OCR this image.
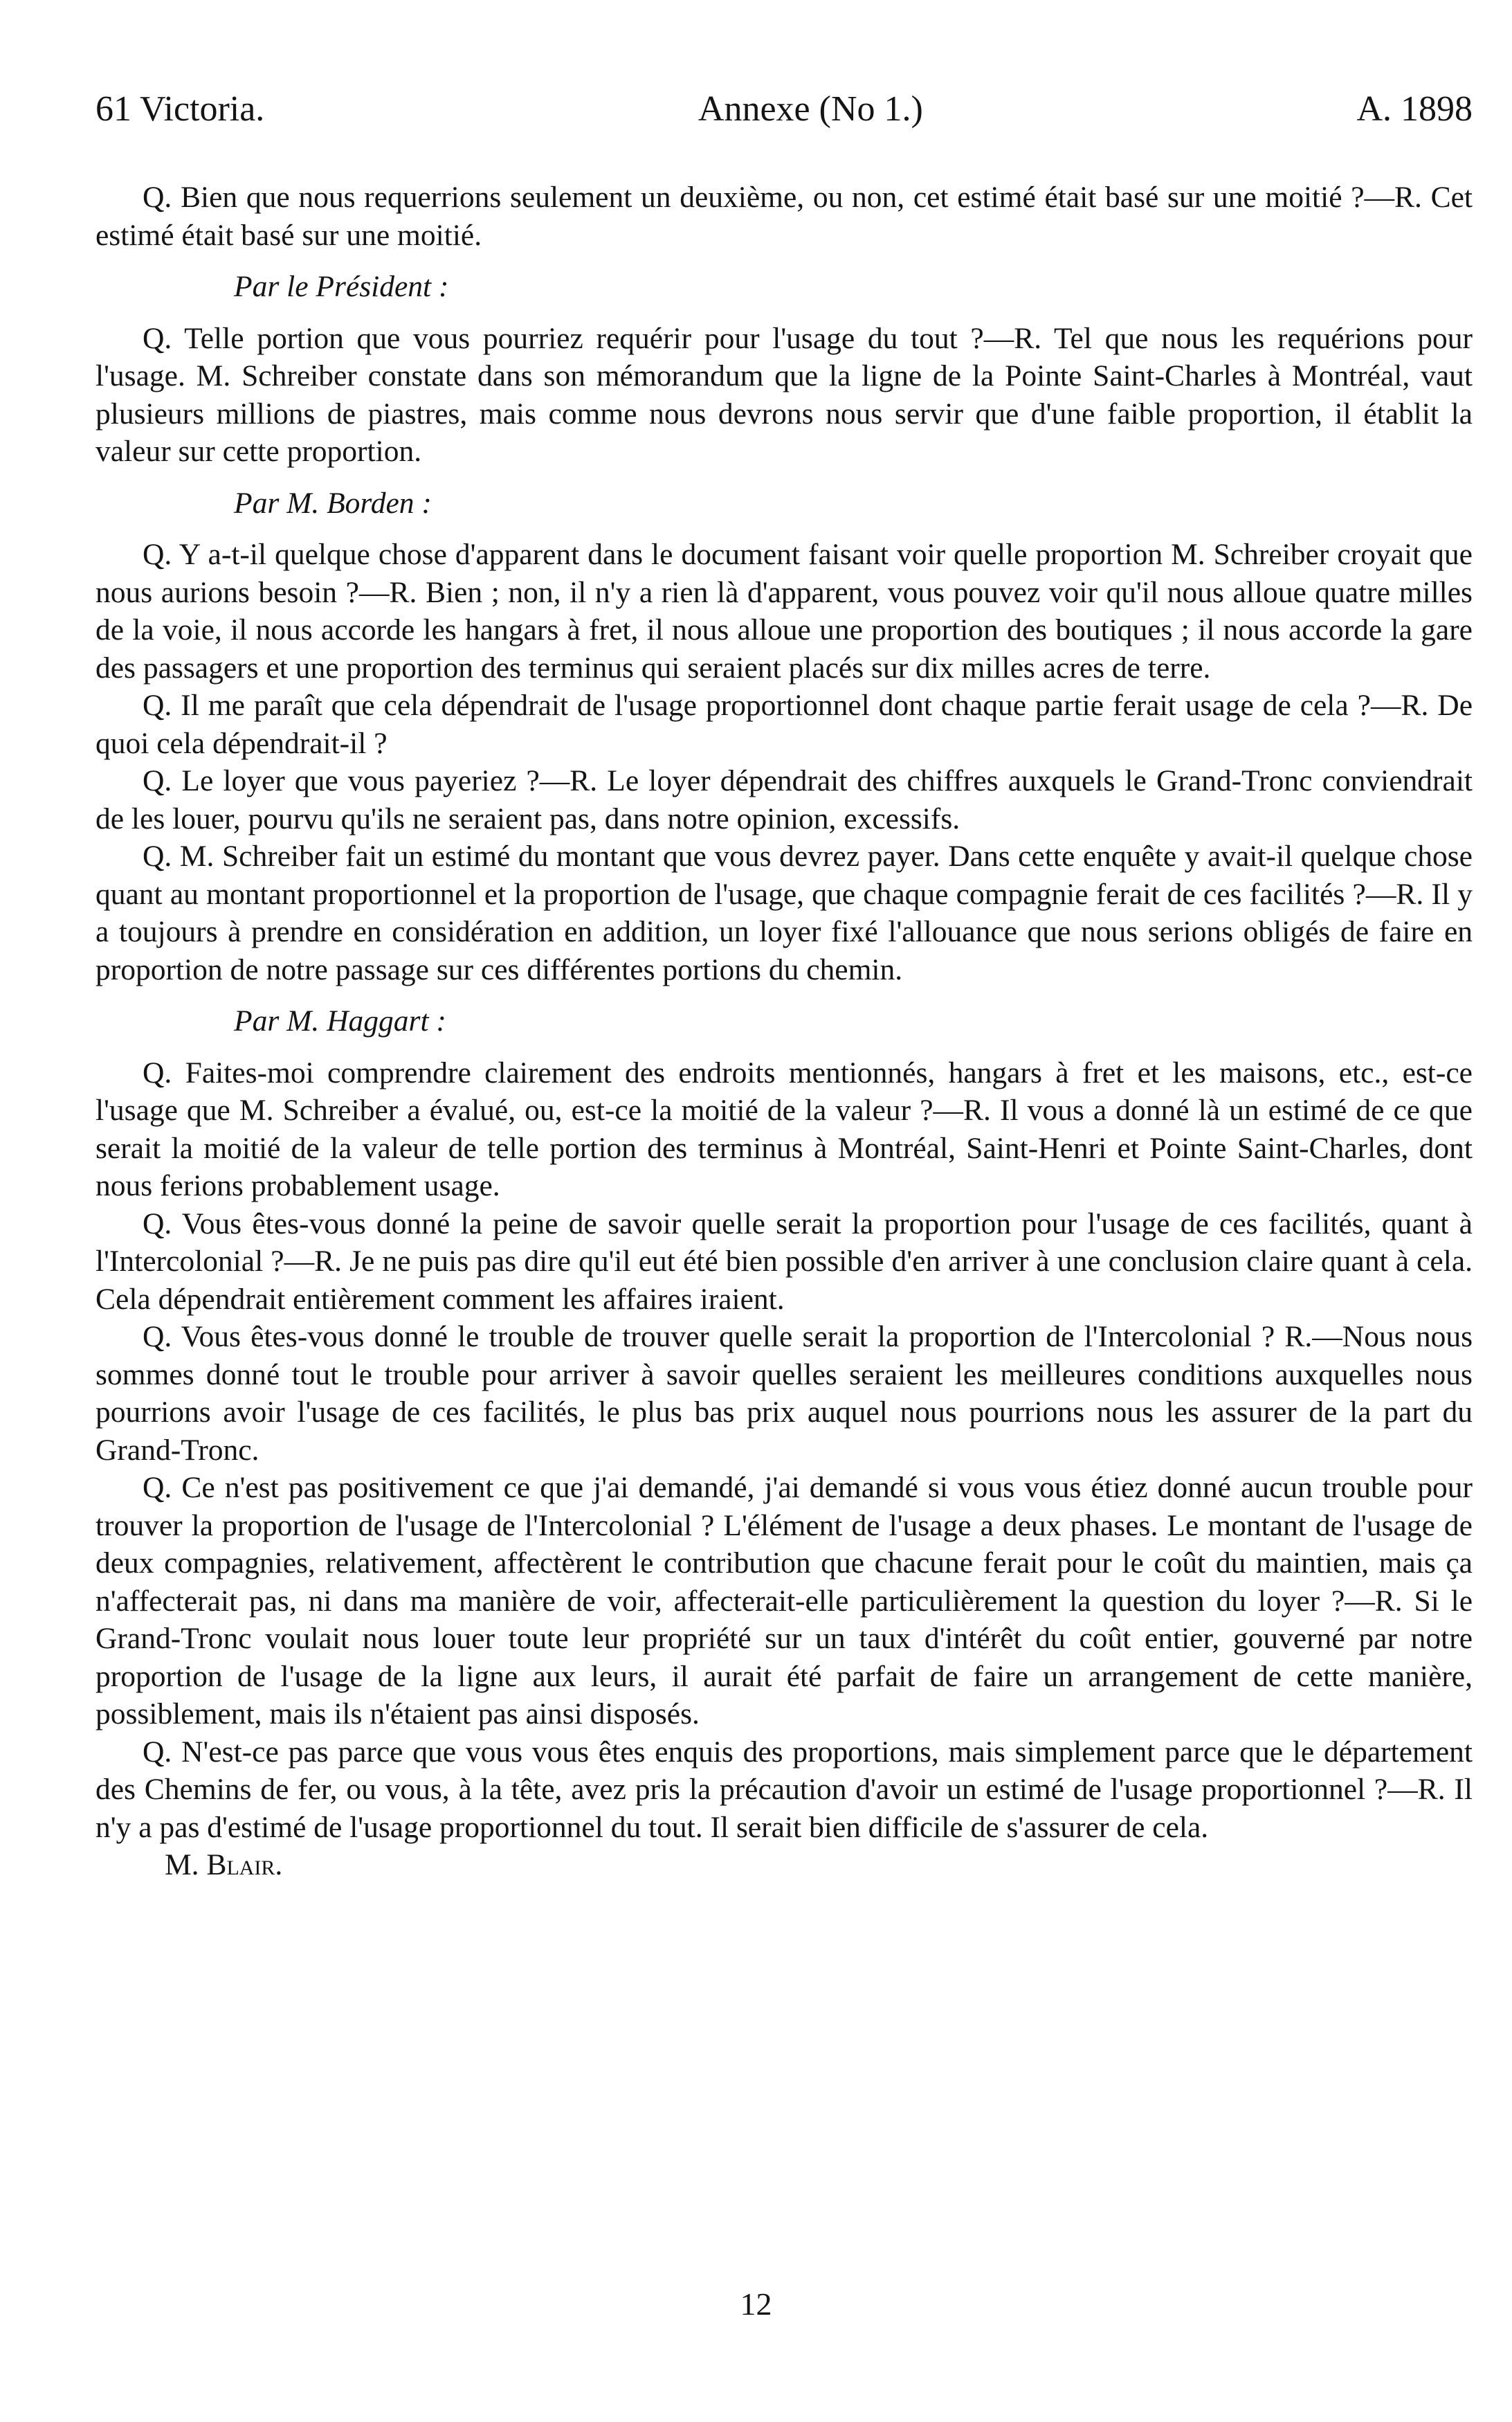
61 Victoria.	Annexe (No 1.)	A. 1898

Q. Bien que nous requerrions seulement un deuxième, ou non, cet estimé était basé sur une moitié ?—R. Cet estimé était basé sur une moitié.

Par le Président :

Q. Telle portion que vous pourriez requérir pour l'usage du tout ?—R. Tel que nous les requérions pour l'usage. M. Schreiber constate dans son mémorandum que la ligne de la Pointe Saint-Charles à Montréal, vaut plusieurs millions de piastres, mais comme nous devrons nous servir que d'une faible proportion, il établit la valeur sur cette proportion.

Par M. Borden :

Q. Y a-t-il quelque chose d'apparent dans le document faisant voir quelle proportion M. Schreiber croyait que nous aurions besoin ?—R. Bien ; non, il n'y a rien là d'apparent, vous pouvez voir qu'il nous alloue quatre milles de la voie, il nous accorde les hangars à fret, il nous alloue une proportion des boutiques ; il nous accorde la gare des passagers et une proportion des terminus qui seraient placés sur dix milles acres de terre.

Q. Il me paraît que cela dépendrait de l'usage proportionnel dont chaque partie ferait usage de cela ?—R. De quoi cela dépendrait-il ?

Q. Le loyer que vous payeriez ?—R. Le loyer dépendrait des chiffres auxquels le Grand-Tronc conviendrait de les louer, pourvu qu'ils ne seraient pas, dans notre opinion, excessifs.

Q. M. Schreiber fait un estimé du montant que vous devrez payer. Dans cette enquête y avait-il quelque chose quant au montant proportionnel et la proportion de l'usage, que chaque compagnie ferait de ces facilités ?—R. Il y a toujours à prendre en considération en addition, un loyer fixé l'allouance que nous serions obligés de faire en proportion de notre passage sur ces différentes portions du chemin.

Par M. Haggart :

Q. Faites-moi comprendre clairement des endroits mentionnés, hangars à fret et les maisons, etc., est-ce l'usage que M. Schreiber a évalué, ou, est-ce la moitié de la valeur ?—R. Il vous a donné là un estimé de ce que serait la moitié de la valeur de telle portion des terminus à Montréal, Saint-Henri et Pointe Saint-Charles, dont nous ferions probablement usage.

Q. Vous êtes-vous donné la peine de savoir quelle serait la proportion pour l'usage de ces facilités, quant à l'Intercolonial ?—R. Je ne puis pas dire qu'il eut été bien possible d'en arriver à une conclusion claire quant à cela. Cela dépendrait entièrement comment les affaires iraient.

Q. Vous êtes-vous donné le trouble de trouver quelle serait la proportion de l'Intercolonial ? R.—Nous nous sommes donné tout le trouble pour arriver à savoir quelles seraient les meilleures conditions auxquelles nous pourrions avoir l'usage de ces facilités, le plus bas prix auquel nous pourrions nous les assurer de la part du Grand-Tronc.

Q. Ce n'est pas positivement ce que j'ai demandé, j'ai demandé si vous vous étiez donné aucun trouble pour trouver la proportion de l'usage de l'Intercolonial ? L'élément de l'usage a deux phases. Le montant de l'usage de deux compagnies, relativement, affectèrent le contribution que chacune ferait pour le coût du maintien, mais ça n'affecterait pas, ni dans ma manière de voir, affecterait-elle particulièrement la question du loyer ?—R. Si le Grand-Tronc voulait nous louer toute leur propriété sur un taux d'intérêt du coût entier, gouverné par notre proportion de l'usage de la ligne aux leurs, il aurait été parfait de faire un arrangement de cette manière, possiblement, mais ils n'étaient pas ainsi disposés.

Q. N'est-ce pas parce que vous vous êtes enquis des proportions, mais simplement parce que le département des Chemins de fer, ou vous, à la tête, avez pris la précaution d'avoir un estimé de l'usage proportionnel ?—R. Il n'y a pas d'estimé de l'usage proportionnel du tout. Il serait bien difficile de s'assurer de cela.

M. Blair.

12
